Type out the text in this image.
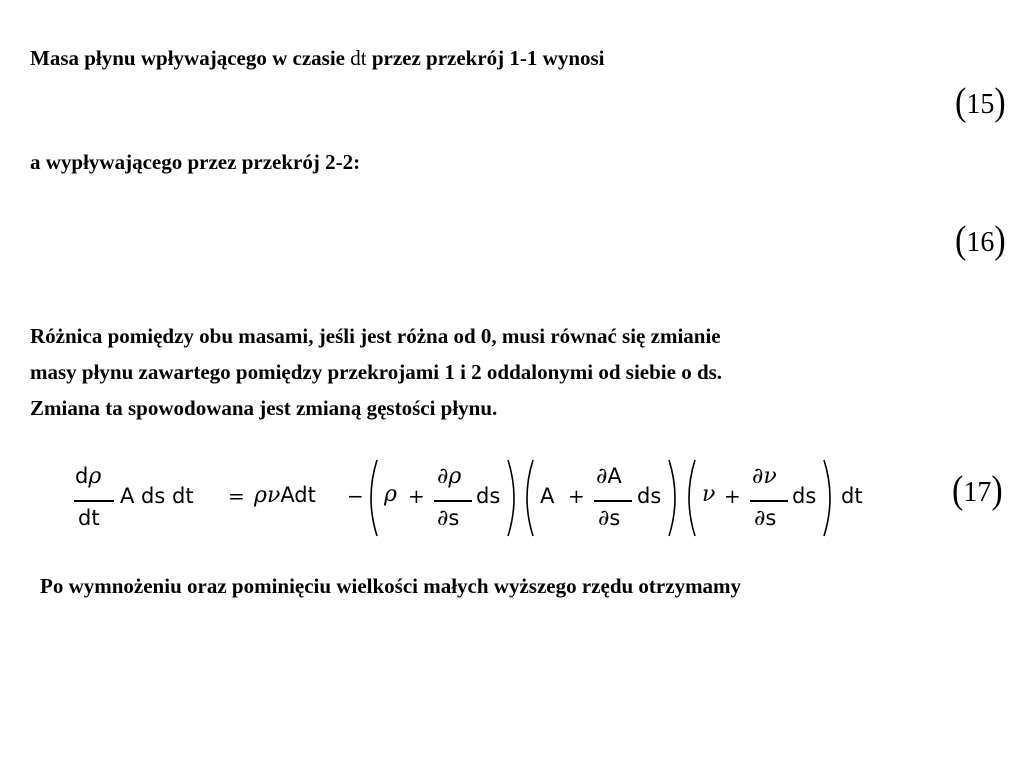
Masa płynu wpływającego w czasie dt przez przekrój 1-1 wynosi
(15)
a wypływającego przez przekrój 2-2:
(16)
Różnica pomiędzy obu masami, jeśli jest różna od 0, musi równać się zmianie
masy płynu zawartego pomiędzy przekrojami 1 i 2 oddalonymi od siebie o ds.
Zmiana ta spowodowana jest zmianą gęstości płynu.
dρ
dt
A ds dt = ρνAdt − ρ +
∂ρ
∂s
ds A +
∂A
∂s
ds ν +
∂ν
∂s
ds dt	(17)
Po wymnożeniu oraz pominięciu wielkości małych wyższego rzędu otrzymamy
